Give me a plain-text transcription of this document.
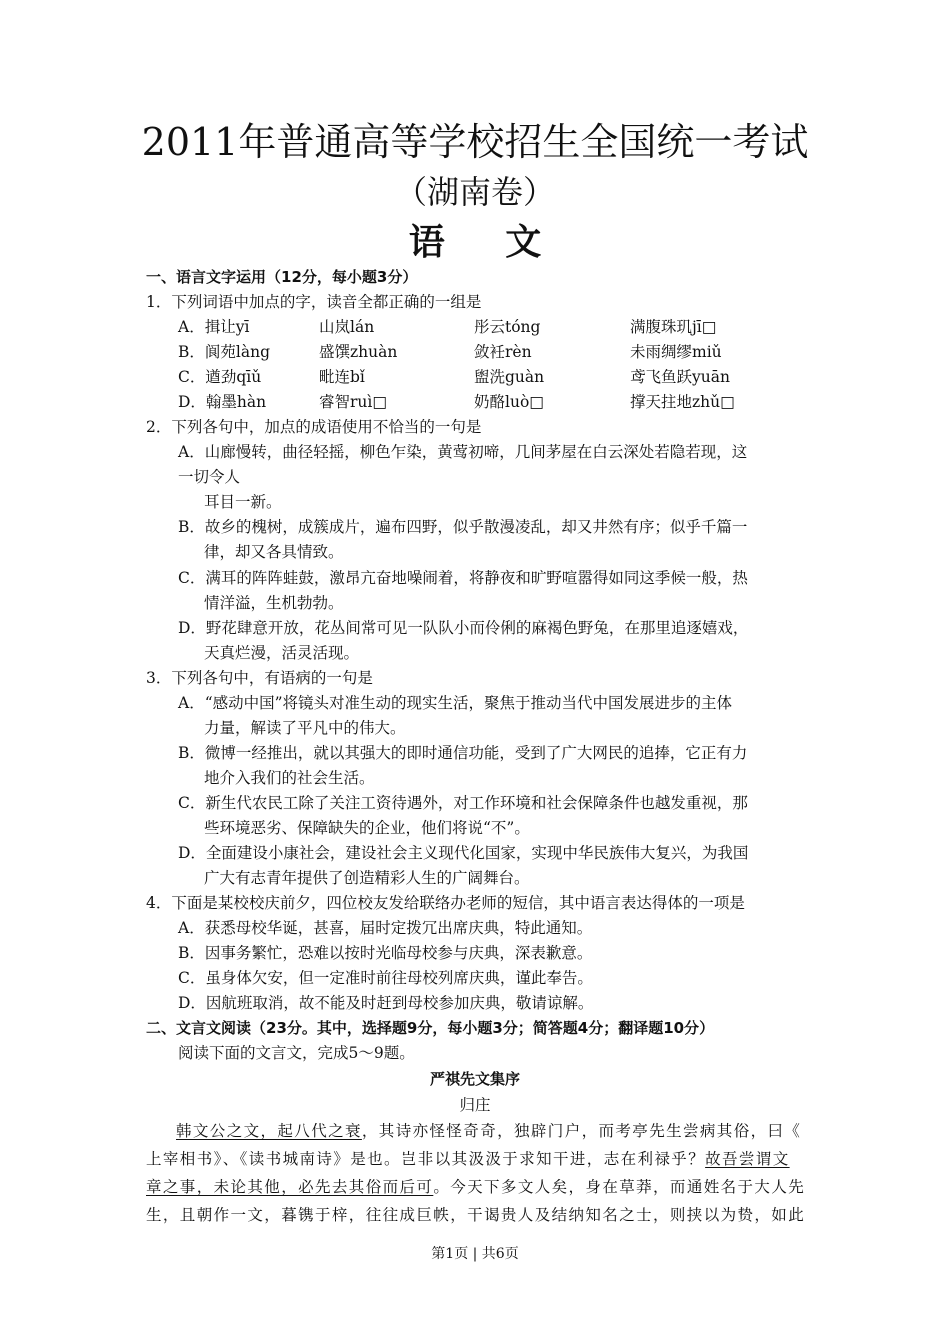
2011年普通高等学校招生全国统一考试
（湖南卷）
语 文
一、语言文字运用（12分，每小题3分）
1．下列词语中加点的字，读音全都正确的一组是
A．揖让yī	山岚lán	彤云tóng	满腹珠玑jī□
B．阆苑làng	盛馔zhuàn	敛衽rèn	未雨绸缪miǔ
C．遒劲qīǔ	毗连bǐ	盥洗guàn	鸢飞鱼跃yuān
D．翰墨hàn	睿智ruì□	奶酪luò□	撑天拄地zhǔ□
2．下列各句中，加点的成语使用不恰当的一句是
A．山廊慢转，曲径轻摇，柳色乍染，黄莺初啼，几间茅屋在白云深处若隐若现，这
一切令人
耳目一新。
B．故乡的槐树，成簇成片，遍布四野，似乎散漫凌乱，却又井然有序；似乎千篇一
律，却又各具情致。
C．满耳的阵阵蛙鼓，激昂亢奋地噪闹着，将静夜和旷野喧嚣得如同这季候一般，热
情洋溢，生机勃勃。
D．野花肆意开放，花丛间常可见一队队小而伶俐的麻褐色野兔，在那里追逐嬉戏，
天真烂漫，活灵活现。
3．下列各句中，有语病的一句是
A．“感动中国”将镜头对准生动的现实生活，聚焦于推动当代中国发展进步的主体
力量，解读了平凡中的伟大。
B．微博一经推出，就以其强大的即时通信功能，受到了广大网民的追捧，它正有力
地介入我们的社会生活。
C．新生代农民工除了关注工资待遇外，对工作环境和社会保障条件也越发重视，那
些环境恶劣、保障缺失的企业，他们将说“不”。
D．全面建设小康社会，建设社会主义现代化国家，实现中华民族伟大复兴，为我国
广大有志青年提供了创造精彩人生的广阔舞台。
4．下面是某校校庆前夕，四位校友发给联络办老师的短信，其中语言表达得体的一项是
A．获悉母校华诞，甚喜，届时定拨冗出席庆典，特此通知。
B．因事务繁忙，恐难以按时光临母校参与庆典，深表歉意。
C．虽身体欠安，但一定准时前往母校列席庆典，谨此奉告。
D．因航班取消，故不能及时赶到母校参加庆典，敬请谅解。
二、文言文阅读（23分。其中，选择题9分，每小题3分；简答题4分；翻译题10分）
阅读下面的文言文，完成5～9题。
严祺先文集序
归庄
韩文公之文，起八代之衰，其诗亦怪怪奇奇，独辟门户，而考亭先生尝病其俗，曰《
上宰相书》、《读书城南诗》是也。岂非以其汲汲于求知干进，志在利禄乎？故吾尝谓文
章之事，未论其他，必先去其俗而后可。今天下多文人矣，身在草莽，而通姓名于大人先
生，且朝作一文，暮镌于梓，往往成巨帙，干谒贵人及结纳知名之士，则挟以为贽，如此
第1页 | 共6页
